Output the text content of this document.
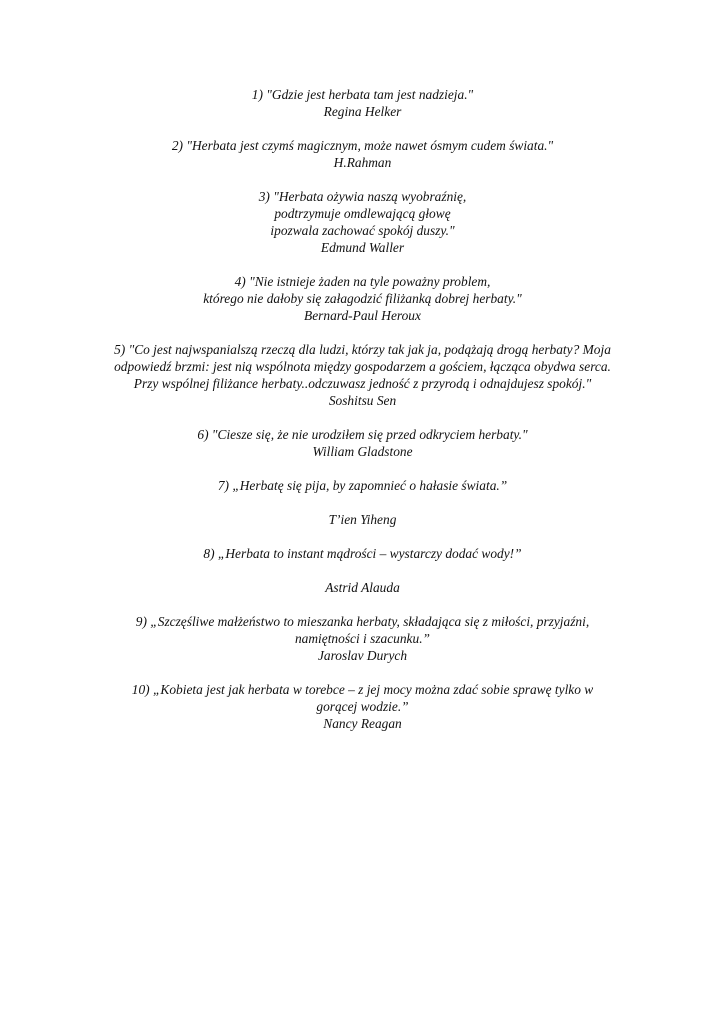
1) "Gdzie jest herbata tam jest nadzieja."
Regina Helker
2) "Herbata jest czymś magicznym, może nawet ósmym cudem świata."
H.Rahman
3) "Herbata ożywia naszą wyobraźnię,
podtrzymuje omdlewającą głowę
ipozwala zachować spokój duszy."
Edmund Waller
4) "Nie istnieje żaden na tyle poważny problem,
którego nie dałoby się załagodzić filiżanką dobrej herbaty."
Bernard-Paul Heroux
5) "Co jest najwspanialszą rzeczą dla ludzi, którzy tak jak ja, podążają drogą herbaty? Moja
odpowiedź brzmi: jest nią wspólnota między gospodarzem a gościem, łącząca obydwa serca.
Przy wspólnej filiżance herbaty..odczuwasz jedność z przyrodą i odnajdujesz spokój."
Soshitsu Sen
6) "Ciesze się, że nie urodziłem się przed odkryciem herbaty."
William Gladstone
7) „Herbatę się pija, by zapomnieć o hałasie świata.”
T’ien Yiheng
8) „Herbata to instant mądrości – wystarczy dodać wody!”
Astrid Alauda
9) „Szczęśliwe małżeństwo to mieszanka herbaty, składająca się z miłości, przyjaźni,
namiętności i szacunku.”
Jaroslav Durych
10) „Kobieta jest jak herbata w torebce – z jej mocy można zdać sobie sprawę tylko w
gorącej wodzie.”
Nancy Reagan
